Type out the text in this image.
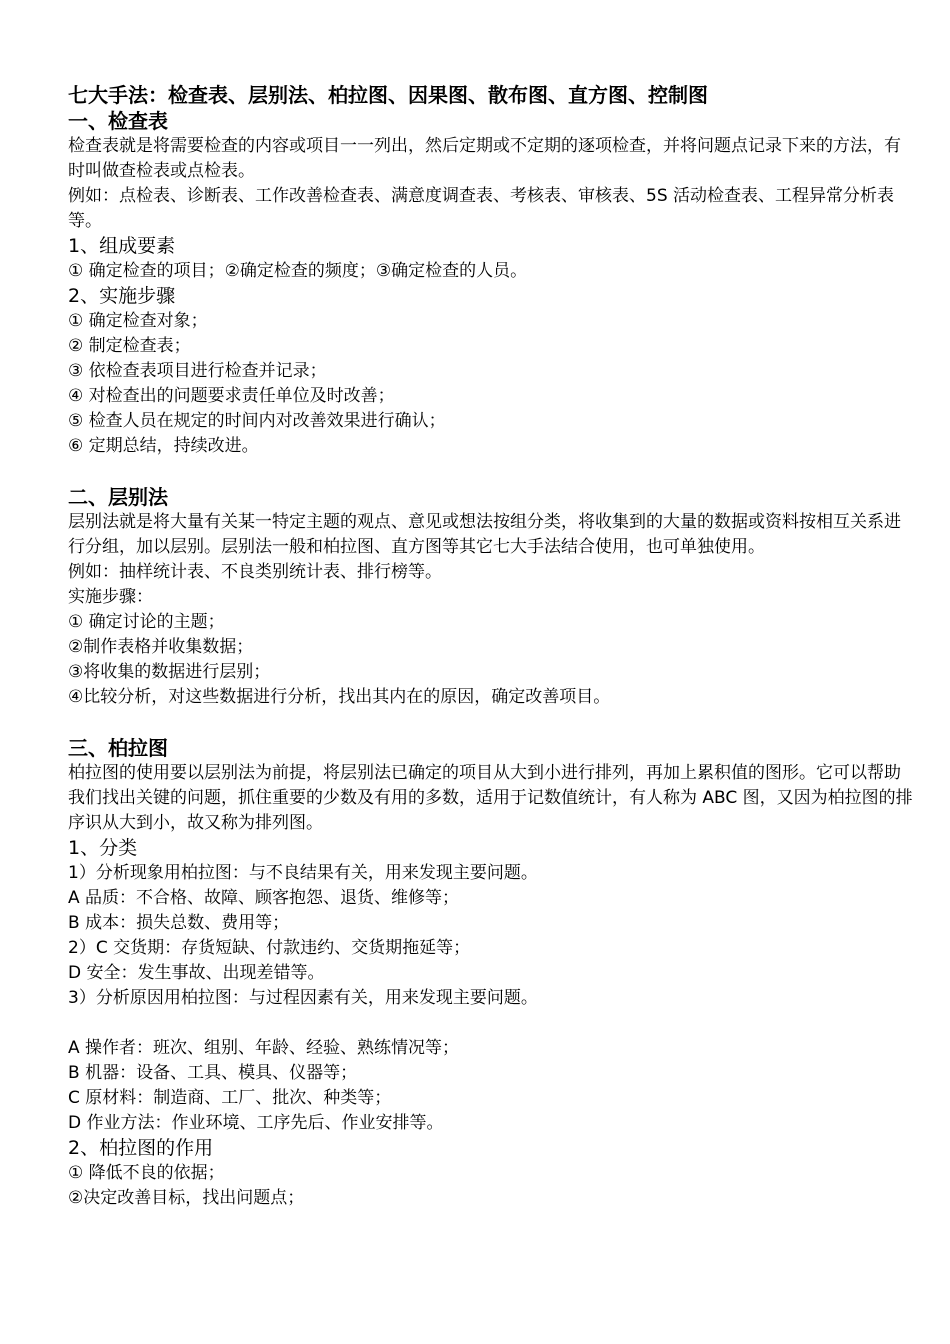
七大手法：检查表、层别法、柏拉图、因果图、散布图、直方图、控制图
一、检查表
检查表就是将需要检查的内容或项目一一列出，然后定期或不定期的逐项检查，并将问题点记录下来的方法，有时叫做查检表或点检表。
例如：点检表、诊断表、工作改善检查表、满意度调查表、考核表、审核表、5S 活动检查表、工程异常分析表等。
1、组成要素
① 确定检查的项目；②确定检查的频度；③确定检查的人员。
2、实施步骤
① 确定检查对象；
② 制定检查表；
③ 依检查表项目进行检查并记录；
④ 对检查出的问题要求责任单位及时改善；
⑤ 检查人员在规定的时间内对改善效果进行确认；
⑥ 定期总结，持续改进。
二、层别法
层别法就是将大量有关某一特定主题的观点、意见或想法按组分类，将收集到的大量的数据或资料按相互关系进行分组，加以层别。层别法一般和柏拉图、直方图等其它七大手法结合使用，也可单独使用。
例如：抽样统计表、不良类别统计表、排行榜等。
实施步骤：
① 确定讨论的主题；
②制作表格并收集数据；
③将收集的数据进行层别；
④比较分析，对这些数据进行分析，找出其内在的原因，确定改善项目。
三、柏拉图
柏拉图的使用要以层别法为前提，将层别法已确定的项目从大到小进行排列，再加上累积值的图形。它可以帮助我们找出关键的问题，抓住重要的少数及有用的多数，适用于记数值统计，有人称为 ABC 图，又因为柏拉图的排序识从大到小，故又称为排列图。
1、分类
1）分析现象用柏拉图：与不良结果有关，用来发现主要问题。
A 品质：不合格、故障、顾客抱怨、退货、维修等；
B 成本：损失总数、费用等；
2）C 交货期：存货短缺、付款违约、交货期拖延等；
D 安全：发生事故、出现差错等。
3）分析原因用柏拉图：与过程因素有关，用来发现主要问题。
A 操作者：班次、组别、年龄、经验、熟练情况等；
B 机器：设备、工具、模具、仪器等；
C 原材料：制造商、工厂、批次、种类等；
D 作业方法：作业环境、工序先后、作业安排等。
2、柏拉图的作用
① 降低不良的依据；
②决定改善目标，找出问题点；
